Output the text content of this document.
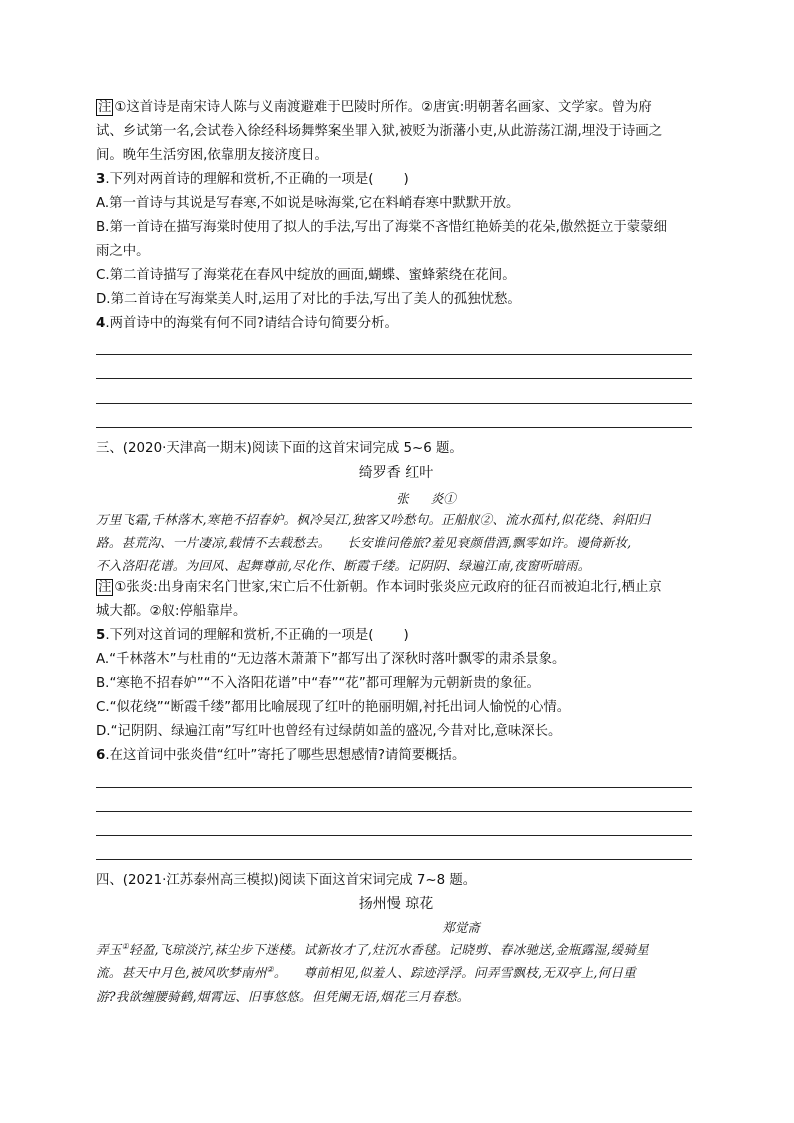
注 ①这首诗是南宋诗人陈与义南渡避难于巴陵时所作。②唐寅:明朝著名画家、文学家。曾为府
试、乡试第一名,会试卷入徐经科场舞弊案坐罪入狱,被贬为浙藩小吏,从此游荡江湖,埋没于诗画之
间。晚年生活穷困,依靠朋友接济度日。
3.下列对两首诗的理解和赏析,不正确的一项是( )
A.第一首诗与其说是写春寒,不如说是咏海棠,它在料峭春寒中默默开放。
B.第一首诗在描写海棠时使用了拟人的手法,写出了海棠不吝惜红艳娇美的花朵,傲然挺立于蒙蒙细
雨之中。
C.第二首诗描写了海棠花在春风中绽放的画面,蝴蝶、蜜蜂萦绕在花间。
D.第二首诗在写海棠美人时,运用了对比的手法,写出了美人的孤独忧愁。
4.两首诗中的海棠有何不同?请结合诗句简要分析。
三、(2020·天津高一期末)阅读下面的这首宋词完成 5~6 题。
绮罗香 红叶
张 炎①
万里飞霜,千林落木,寒艳不招春妒。枫冷吴江,独客又吟愁句。正船舣②、流水孤村,似花绕、斜阳归
路。甚荒沟、一片凄凉,载情不去载愁去。    长安谁问倦旅?羞见衰颜借酒,飘零如许。谩倚新妆,
不入洛阳花谱。为回风、起舞尊前,尽化作、断霞千缕。记阴阴、绿遍江南,夜窗听暗雨。
注 ①张炎:出身南宋名门世家,宋亡后不仕新朝。作本词时张炎应元政府的征召而被迫北行,栖止京
城大都。②舣:停船靠岸。
5.下列对这首词的理解和赏析,不正确的一项是( )
A.“千林落木”与杜甫的“无边落木萧萧下”都写出了深秋时落叶飘零的肃杀景象。
B.“寒艳不招春妒”“不入洛阳花谱”中“春”“花”都可理解为元朝新贵的象征。
C.“似花绕”“断霞千缕”都用比喻展现了红叶的艳丽明媚,衬托出词人愉悦的心情。
D.“记阴阴、绿遍江南”写红叶也曾经有过绿荫如盖的盛况,今昔对比,意味深长。
6.在这首词中张炎借“红叶”寄托了哪些思想感情?请简要概括。
四、(2021·江苏泰州高三模拟)阅读下面这首宋词完成 7~8 题。
扬州慢 琼花
郑觉斋
弄玉①轻盈,飞琼淡泞,袜尘步下迷楼。试新妆才了,炷沉水香毬。记晓剪、春冰驰送,金瓶露湿,缓骑星
流。甚天中月色,被风吹梦南州②。    尊前相见,似羞人、踪迹浮浮。问弄雪飘枝,无双亭上,何日重
游?我欲缠腰骑鹤,烟霄远、旧事悠悠。但凭阑无语,烟花三月春愁。
